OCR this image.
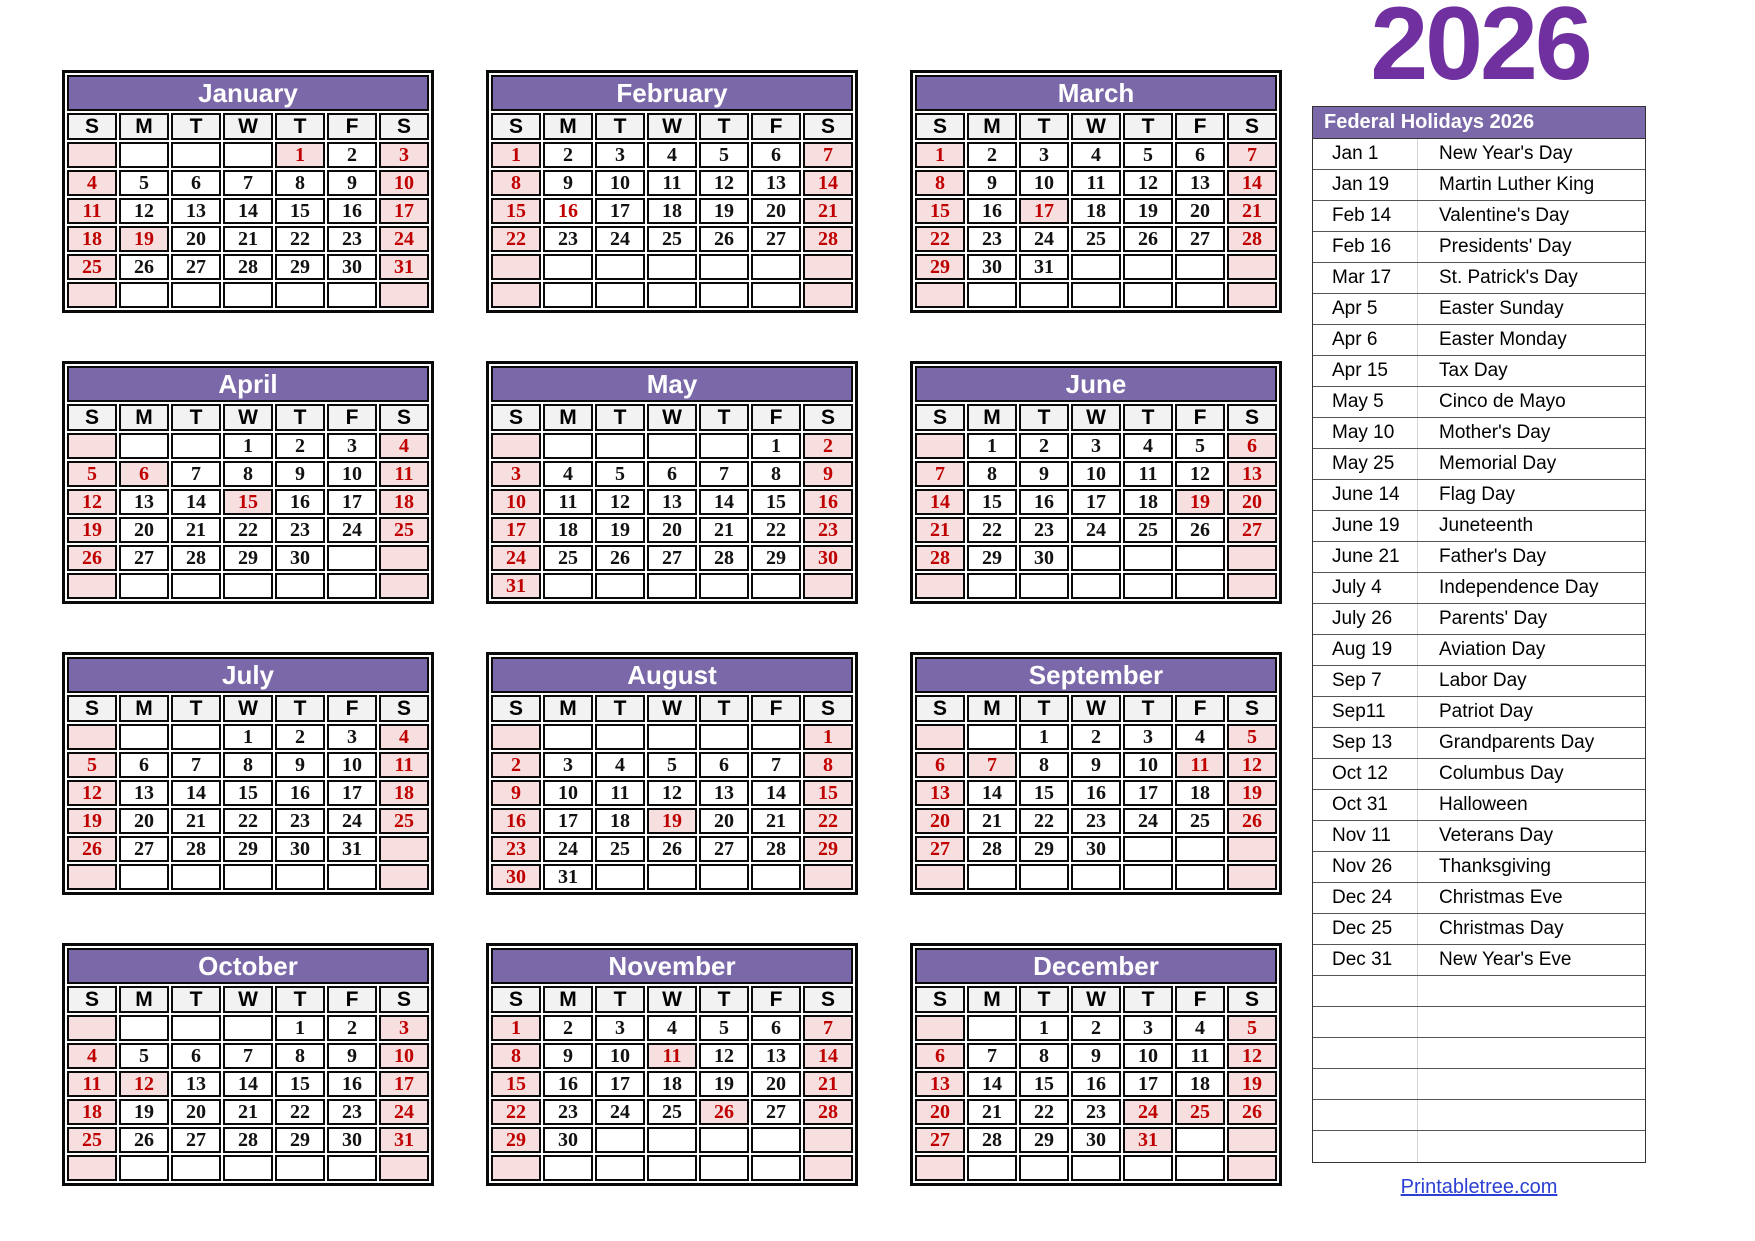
January						
S	M	T	W	T	F	S
				1	2	3
4	5	6	7	8	9	10
11	12	13	14	15	16	17
18	19	20	21	22	23	24
25	26	27	28	29	30	31

February						
S	M	T	W	T	F	S
1	2	3	4	5	6	7
8	9	10	11	12	13	14
15	16	17	18	19	20	21
22	23	24	25	26	27	28

March						
S	M	T	W	T	F	S
1	2	3	4	5	6	7
8	9	10	11	12	13	14
15	16	17	18	19	20	21
22	23	24	25	26	27	28
29	30	31				

April						
S	M	T	W	T	F	S
			1	2	3	4
5	6	7	8	9	10	11
12	13	14	15	16	17	18
19	20	21	22	23	24	25
26	27	28	29	30		

May						
S	M	T	W	T	F	S
					1	2
3	4	5	6	7	8	9
10	11	12	13	14	15	16
17	18	19	20	21	22	23
24	25	26	27	28	29	30
31						
June						
S	M	T	W	T	F	S
	1	2	3	4	5	6
7	8	9	10	11	12	13
14	15	16	17	18	19	20
21	22	23	24	25	26	27
28	29	30				

July						
S	M	T	W	T	F	S
			1	2	3	4
5	6	7	8	9	10	11
12	13	14	15	16	17	18
19	20	21	22	23	24	25
26	27	28	29	30	31	

August						
S	M	T	W	T	F	S
						1
2	3	4	5	6	7	8
9	10	11	12	13	14	15
16	17	18	19	20	21	22
23	24	25	26	27	28	29
30	31					
September						
S	M	T	W	T	F	S
		1	2	3	4	5
6	7	8	9	10	11	12
13	14	15	16	17	18	19
20	21	22	23	24	25	26
27	28	29	30			

October						
S	M	T	W	T	F	S
				1	2	3
4	5	6	7	8	9	10
11	12	13	14	15	16	17
18	19	20	21	22	23	24
25	26	27	28	29	30	31

November						
S	M	T	W	T	F	S
1	2	3	4	5	6	7
8	9	10	11	12	13	14
15	16	17	18	19	20	21
22	23	24	25	26	27	28
29	30					

December						
S	M	T	W	T	F	S
		1	2	3	4	5
6	7	8	9	10	11	12
13	14	15	16	17	18	19
20	21	22	23	24	25	26
27	28	29	30	31		

2026
Federal Holidays 2026
Jan 1	New Year's Day
Jan 19	Martin Luther King
Feb 14	Valentine's Day
Feb 16	Presidents' Day
Mar 17	St. Patrick's Day
Apr 5	Easter Sunday
Apr 6	Easter Monday
Apr 15	Tax Day
May 5	Cinco de Mayo
May 10	Mother's Day
May 25	Memorial Day
June 14	Flag Day
June 19	Juneteenth
June 21	Father's Day
July 4	Independence Day
July 26	Parents' Day
Aug 19	Aviation Day
Sep 7	Labor Day
Sep11	Patriot Day
Sep 13	Grandparents Day
Oct 12	Columbus Day
Oct 31	Halloween
Nov 11	Veterans Day
Nov 26	Thanksgiving
Dec 24	Christmas Eve
Dec 25	Christmas Day
Dec 31	New Year's Eve
Printabletree.com
